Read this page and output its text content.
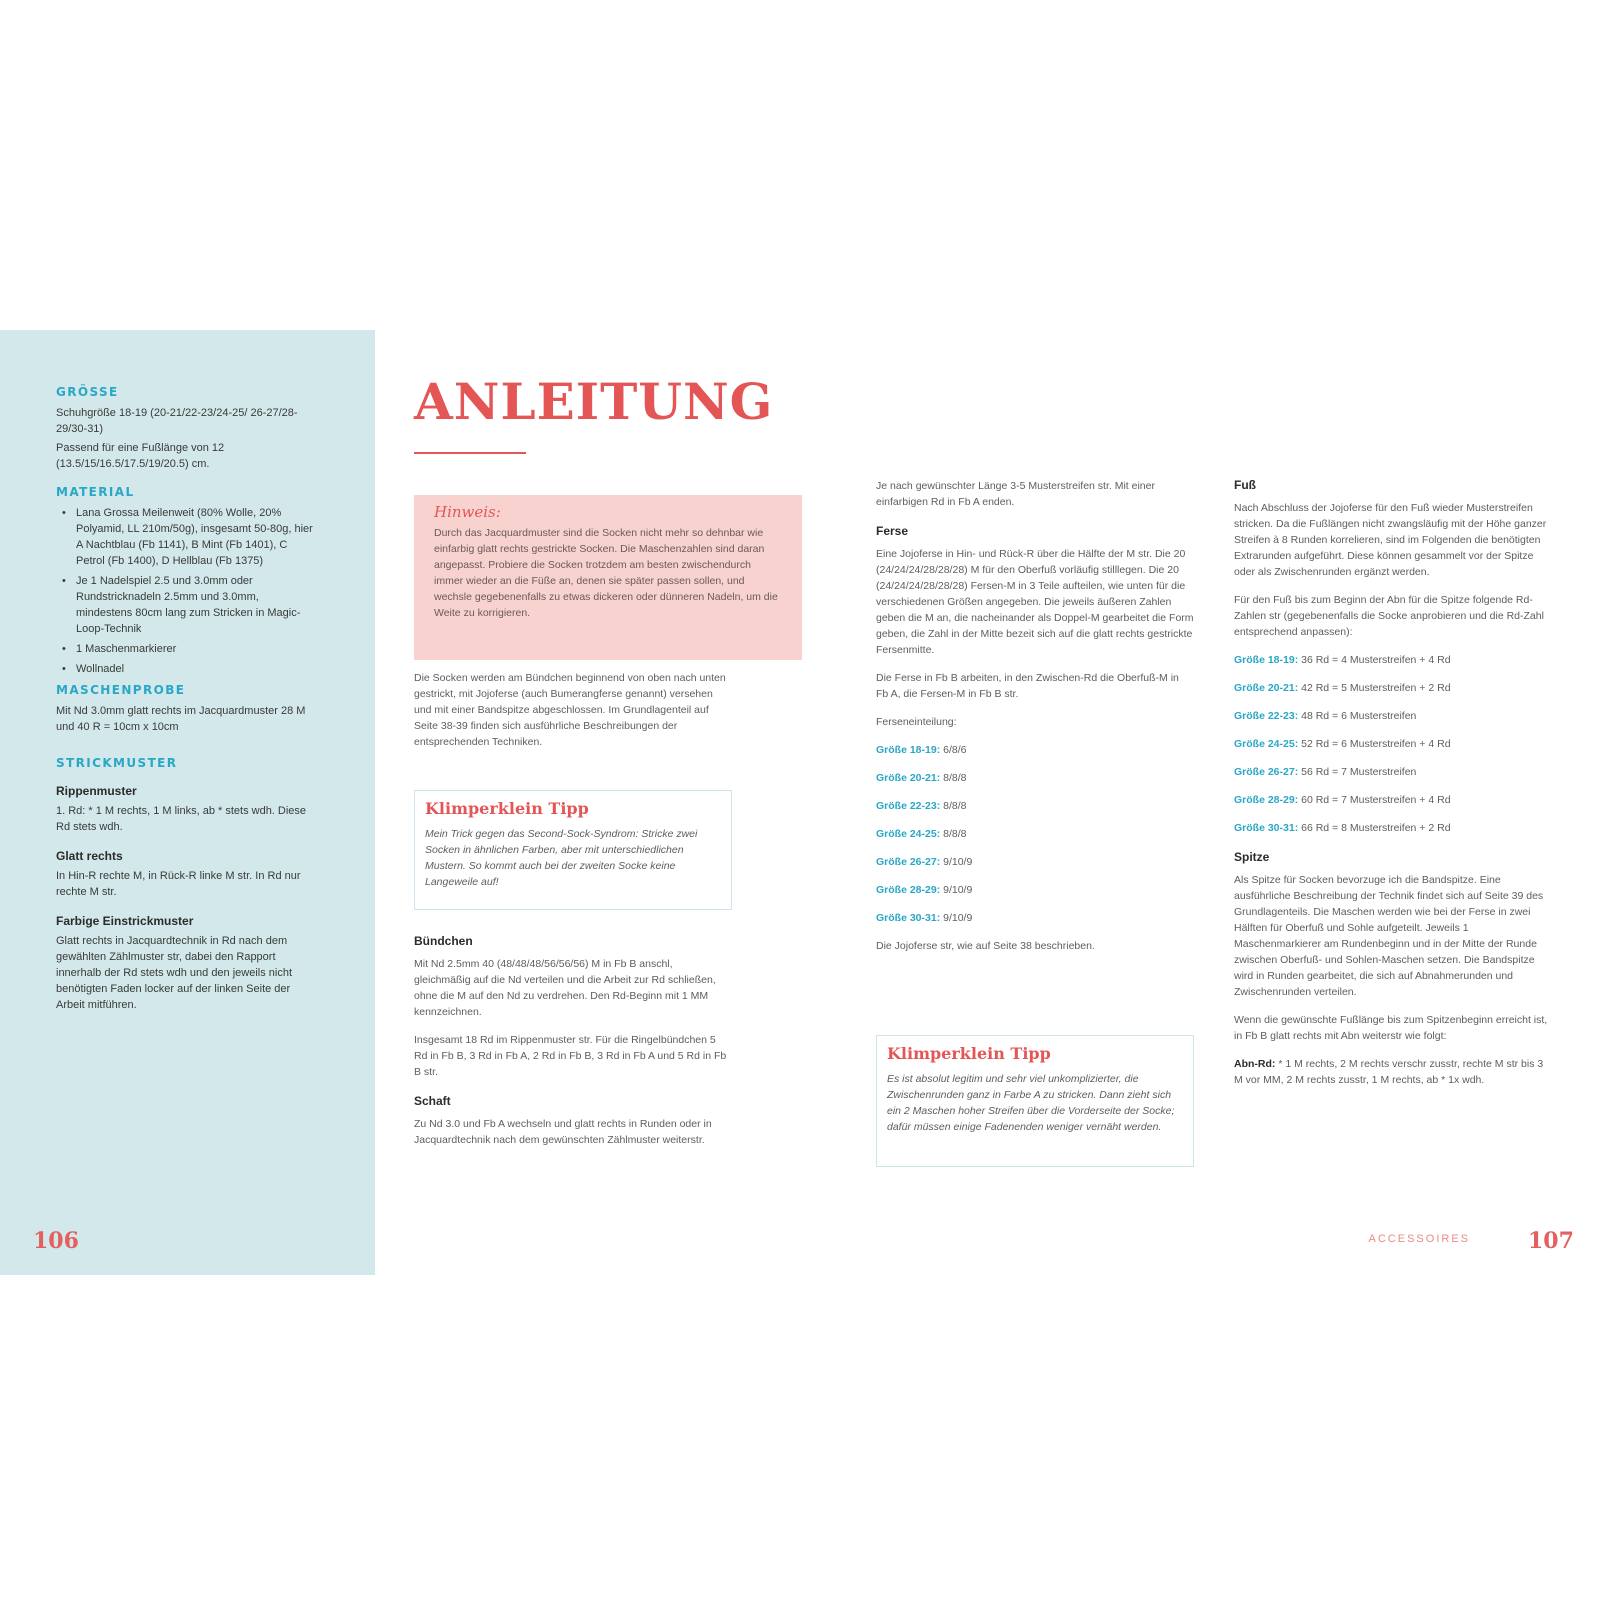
GRÖSSE

Schuhgröße 18-19 (20-21/22-23/24-25/ 26-27/28-29/30-31)

Passend für eine Fußlänge von 12 (13.5/15/16.5/17.5/19/20.5) cm.

MATERIAL
• Lana Grossa Meilenweit (80% Wolle, 20% Polyamid, LL 210m/50g), insgesamt 50-80g, hier A Nachtblau (Fb 1141), B Mint (Fb 1401), C Petrol (Fb 1400), D Hellblau (Fb 1375)
• Je 1 Nadelspiel 2.5 und 3.0mm oder Rundstricknadeln 2.5mm und 3.0mm, mindestens 80cm lang zum Stricken in Magic-Loop-Technik
• 1 Maschenmarkierer
• Wollnadel
MASCHENPROBE

Mit Nd 3.0mm glatt rechts im Jacquardmuster 28 M und 40 R = 10cm x 10cm

STRICKMUSTER
Rippenmuster

1. Rd: * 1 M rechts, 1 M links, ab * stets wdh. Diese Rd stets wdh.

Glatt rechts

In Hin-R rechte M, in Rück-R linke M str. In Rd nur rechte M str.

Farbige Einstrickmuster

Glatt rechts in Jacquardtechnik in Rd nach dem gewählten Zählmuster str, dabei den Rapport innerhalb der Rd stets wdh und den jeweils nicht benötigten Faden locker auf der linken Seite der Arbeit mitführen.

106
ANLEITUNG
Hinweis:

Durch das Jacquardmuster sind die Socken nicht mehr so dehnbar wie einfarbig glatt rechts gestrickte Socken. Die Maschenzahlen sind daran angepasst. Probiere die Socken trotzdem am besten zwischendurch immer wieder an die Füße an, denen sie später passen sollen, und wechsle gegebenenfalls zu etwas dickeren oder dünneren Nadeln, um die Weite zu korrigieren.

Die Socken werden am Bündchen beginnend von oben nach unten gestrickt, mit Jojoferse (auch Bumerangferse genannt) versehen und mit einer Bandspitze abgeschlossen. Im Grundlagenteil auf Seite 38-39 finden sich ausführliche Beschreibungen der entsprechenden Techniken.

Klimperklein Tipp

Mein Trick gegen das Second-Sock-Syndrom: Stricke zwei Socken in ähnlichen Farben, aber mit unterschiedlichen Mustern. So kommt auch bei der zweiten Socke keine Langeweile auf!

Bündchen

Mit Nd 2.5mm 40 (48/48/48/56/56/56) M in Fb B anschl, gleichmäßig auf die Nd verteilen und die Arbeit zur Rd schließen, ohne die M auf den Nd zu verdrehen. Den Rd-Beginn mit 1 MM kennzeichnen.

Insgesamt 18 Rd im Rippenmuster str. Für die Ringelbündchen 5 Rd in Fb B, 3 Rd in Fb A, 2 Rd in Fb B, 3 Rd in Fb A und 5 Rd in Fb B str.

Schaft

Zu Nd 3.0 und Fb A wechseln und glatt rechts in Runden oder in Jacquardtechnik nach dem gewünschten Zählmuster weiterstr.

Je nach gewünschter Länge 3-5 Musterstreifen str. Mit einer einfarbigen Rd in Fb A enden.

Ferse

Eine Jojoferse in Hin- und Rück-R über die Hälfte der M str. Die 20 (24/24/24/28/28/28) M für den Oberfuß vorläufig stilllegen. Die 20 (24/24/24/28/28/28) Fersen-M in 3 Teile aufteilen, wie unten für die verschiedenen Größen angegeben. Die jeweils äußeren Zahlen geben die M an, die nacheinander als Doppel-M gearbeitet die Form geben, die Zahl in der Mitte bezeit sich auf die glatt rechts gestrickte Fersenmitte.

Die Ferse in Fb B arbeiten, in den Zwischen-Rd die Oberfuß-M in Fb A, die Fersen-M in Fb B str.

Ferseneinteilung:

Größe 18-19: 6/8/6
Größe 20-21: 8/8/8
Größe 22-23: 8/8/8
Größe 24-25: 8/8/8
Größe 26-27: 9/10/9
Größe 28-29: 9/10/9
Größe 30-31: 9/10/9

Die Jojoferse str, wie auf Seite 38 beschrieben.

Klimperklein Tipp

Es ist absolut legitim und sehr viel unkomplizierter, die Zwischenrunden ganz in Farbe A zu stricken. Dann zieht sich ein 2 Maschen hoher Streifen über die Vorderseite der Socke; dafür müssen einige Fadenenden weniger vernäht werden.

Fuß

Nach Abschluss der Jojoferse für den Fuß wieder Musterstreifen stricken. Da die Fußlängen nicht zwangsläufig mit der Höhe ganzer Streifen à 8 Runden korrelieren, sind im Folgenden die benötigten Extrarunden aufgeführt. Diese können gesammelt vor der Spitze oder als Zwischenrunden ergänzt werden.

Für den Fuß bis zum Beginn der Abn für die Spitze folgende Rd-Zahlen str (gegebenenfalls die Socke anprobieren und die Rd-Zahl entsprechend anpassen):

Größe 18-19: 36 Rd = 4 Musterstreifen + 4 Rd
Größe 20-21: 42 Rd = 5 Musterstreifen + 2 Rd
Größe 22-23: 48 Rd = 6 Musterstreifen
Größe 24-25: 52 Rd = 6 Musterstreifen + 4 Rd
Größe 26-27: 56 Rd = 7 Musterstreifen
Größe 28-29: 60 Rd = 7 Musterstreifen + 4 Rd
Größe 30-31: 66 Rd = 8 Musterstreifen + 2 Rd
Spitze

Als Spitze für Socken bevorzuge ich die Bandspitze. Eine ausführliche Beschreibung der Technik findet sich auf Seite 39 des Grundlagenteils. Die Maschen werden wie bei der Ferse in zwei Hälften für Oberfuß und Sohle aufgeteilt. Jeweils 1 Maschenmarkierer am Rundenbeginn und in der Mitte der Runde zwischen Oberfuß- und Sohlen-Maschen setzen. Die Bandspitze wird in Runden gearbeitet, die sich auf Abnahmerunden und Zwischenrunden verteilen.

Wenn die gewünschte Fußlänge bis zum Spitzenbeginn erreicht ist, in Fb B glatt rechts mit Abn weiterstr wie folgt:

Abn-Rd: * 1 M rechts, 2 M rechts verschr zusstr, rechte M str bis 3 M vor MM, 2 M rechts zusstr, 1 M rechts, ab * 1x wdh.

ACCESSOIRES	107
